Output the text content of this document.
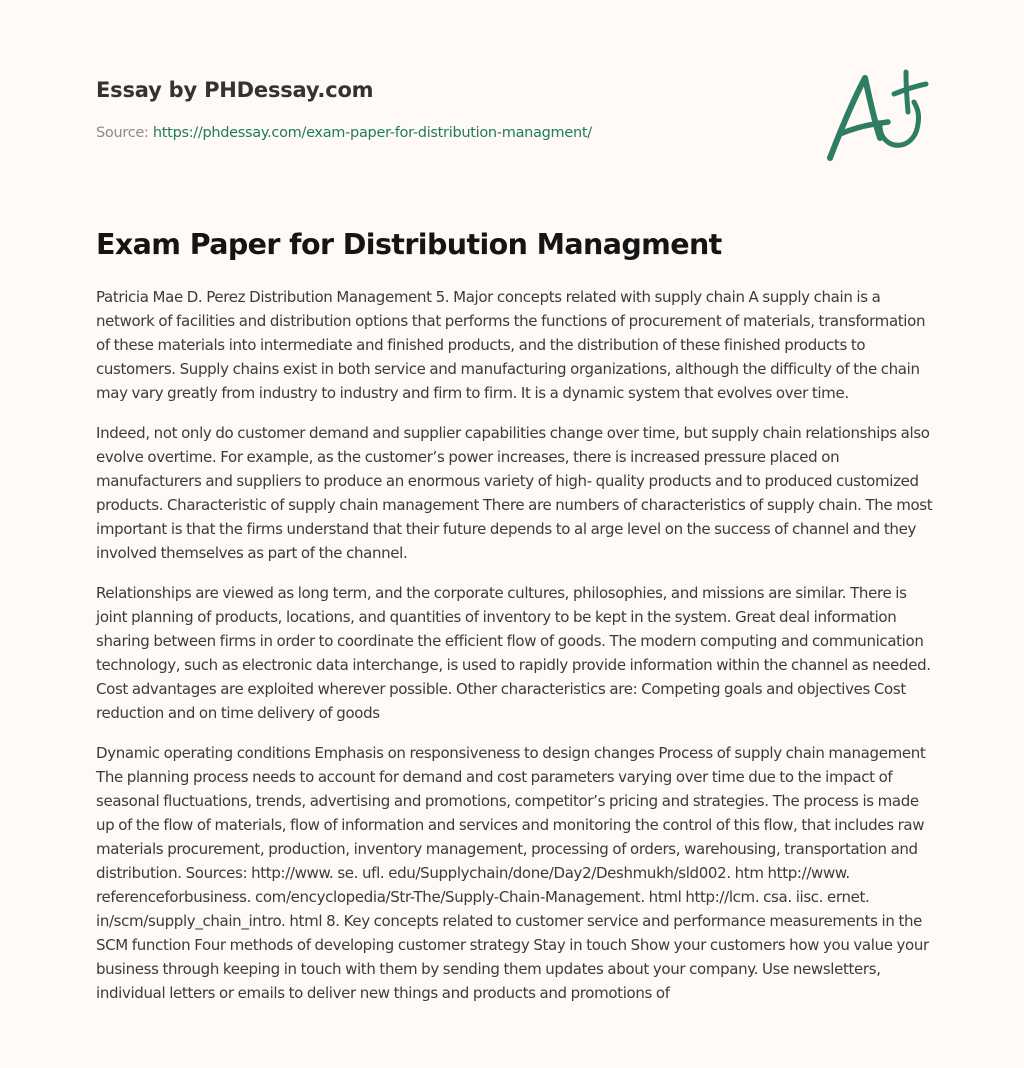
Essay by PHDessay.com
Source: https://phdessay.com/exam-paper-for-distribution-managment/
Exam Paper for Distribution Managment

Patricia Mae D. Perez Distribution Management 5. Major concepts related with supply chain A supply chain is a network of facilities and distribution options that performs the functions of procurement of materials, transformation of these materials into intermediate and finished products, and the distribution of these finished products to customers. Supply chains exist in both service and manufacturing organizations, although the difficulty of the chain may vary greatly from industry to industry and firm to firm. It is a dynamic system that evolves over time.

Indeed, not only do customer demand and supplier capabilities change over time, but supply chain relationships also evolve overtime. For example, as the customer’s power increases, there is increased pressure placed on manufacturers and suppliers to produce an enormous variety of high- quality products and to produced customized products. Characteristic of supply chain management There are numbers of characteristics of supply chain. The most important is that the firms understand that their future depends to al arge level on the success of channel and they involved themselves as part of the channel.

Relationships are viewed as long term, and the corporate cultures, philosophies, and missions are similar. There is joint planning of products, locations, and quantities of inventory to be kept in the system. Great deal information sharing between firms in order to coordinate the efficient flow of goods. The modern computing and communication technology, such as electronic data interchange, is used to rapidly provide information within the channel as needed. Cost advantages are exploited wherever possible. Other characteristics are: Competing goals and objectives Cost reduction and on time delivery of goods

Dynamic operating conditions Emphasis on responsiveness to design changes Process of supply chain management The planning process needs to account for demand and cost parameters varying over time due to the impact of seasonal fluctuations, trends, advertising and promotions, competitor’s pricing and strategies. The process is made up of the flow of materials, flow of information and services and monitoring the control of this flow, that includes raw materials procurement, production, inventory management, processing of orders, warehousing, transportation and distribution. Sources: http://www. se. ufl. edu/Supplychain/done/Day2/Deshmukh/sld002. htm http://www. referenceforbusiness. com/encyclopedia/Str-The/Supply-Chain-Management. html http://lcm. csa. iisc. ernet. in/scm/supply_chain_intro. html 8. Key concepts related to customer service and performance measurements in the SCM function Four methods of developing customer strategy Stay in touch Show your customers how you value your business through keeping in touch with them by sending them updates about your company. Use newsletters, individual letters or emails to deliver new things and products and promotions of
